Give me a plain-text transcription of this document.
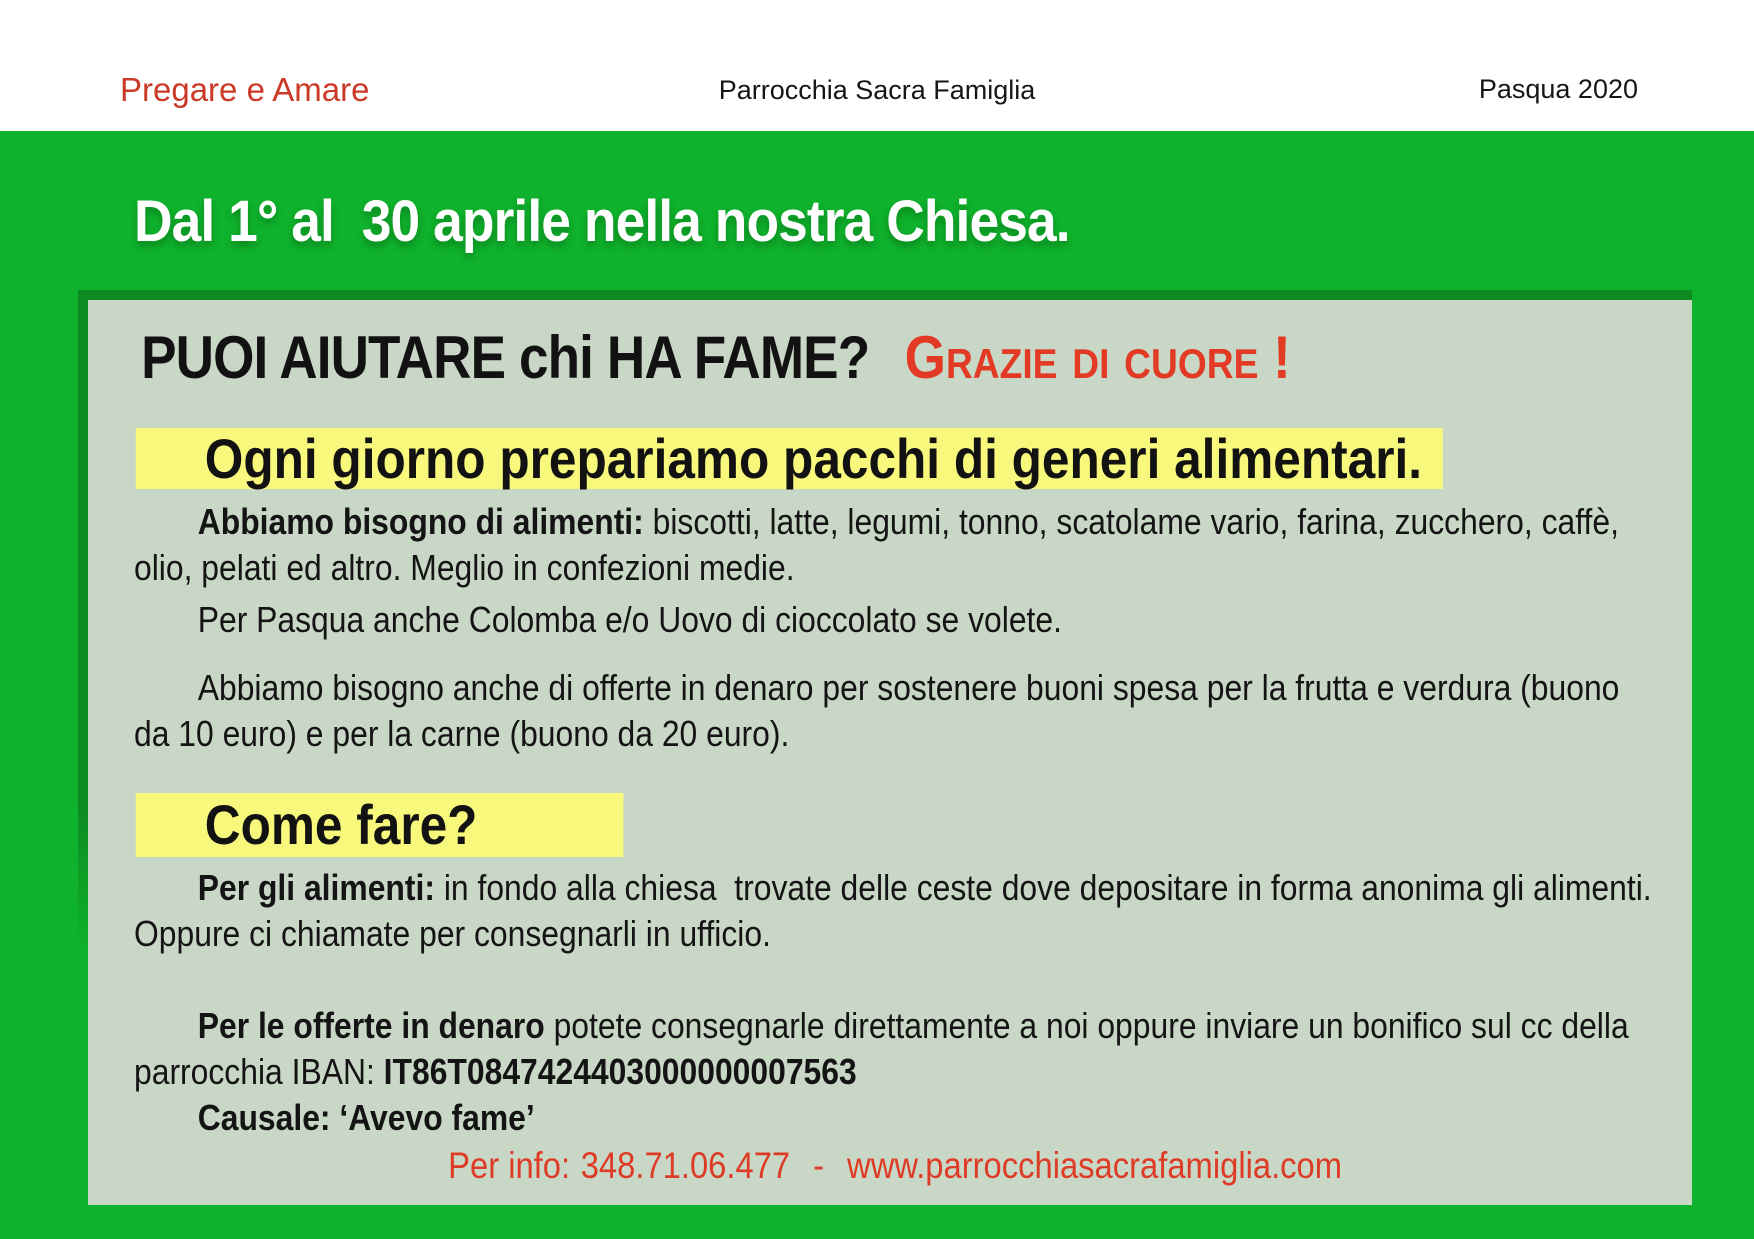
Pregare e Amare	Parrocchia Sacra Famiglia	Pasqua 2020
Dal 1° al  30 aprile nella nostra Chiesa.
PUOI AIUTARE chi HA FAME? Grazie di cuore !
Ogni giorno prepariamo pacchi di generi alimentari.

Abbiamo bisogno di alimenti: biscotti, latte, legumi, tonno, scatolame vario, farina, zucchero, caffè, olio, pelati ed altro. Meglio in confezioni medie.

Per Pasqua anche Colomba e/o Uovo di cioccolato se volete.

Abbiamo bisogno anche di offerte in denaro per sostenere buoni spesa per la frutta e verdura (buono da 10 euro) e per la carne (buono da 20 euro).

Come fare?

Per gli alimenti: in fondo alla chiesa  trovate delle ceste dove depositare in forma anonima gli alimenti. Oppure ci chiamate per consegnarli in ufficio.

Per le offerte in denaro potete consegnarle direttamente a noi oppure inviare un bonifico sul cc della parrocchia IBAN: IT86T0847424403000000007563

Causale: ‘Avevo fame’

Per info: 348.71.06.477 - www.parrocchiasacrafamiglia.com
